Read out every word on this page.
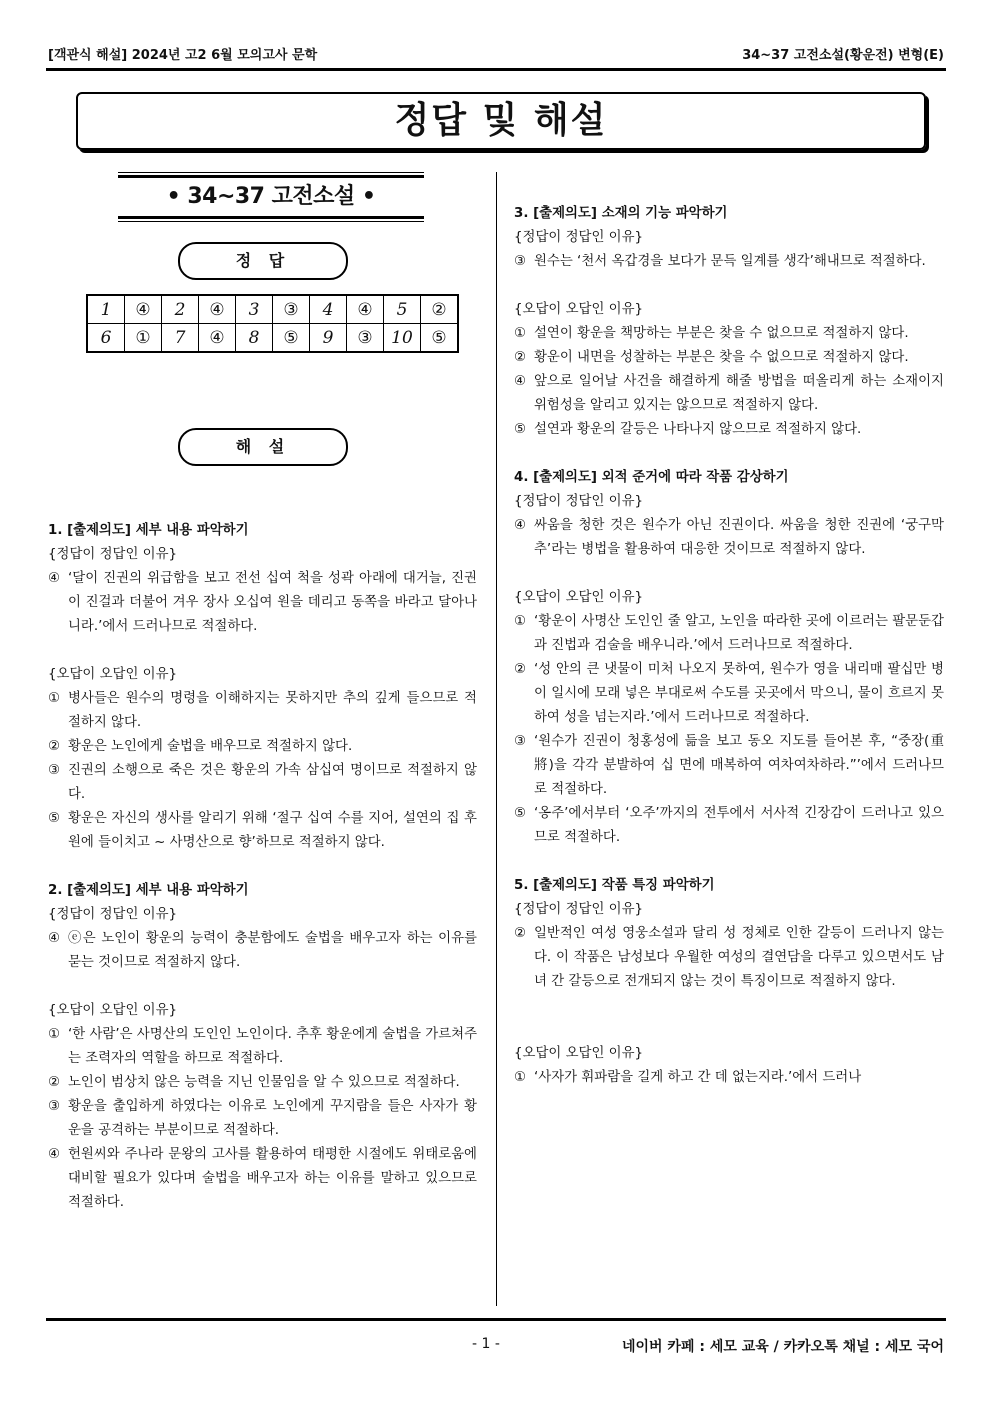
[객관식 해설] 2024년 고2 6월 모의고사 문학	34~37 고전소설(황운전) 변형(E)
정답 및 해설
• 34~37 고전소설 •
정 답
1	④	2	④	3	③	4	④	5	②
6	①	7	④	8	⑤	9	③	10	⑤
해 설

1. [출제의도] 세부 내용 파악하기

{정답이 정답인 이유}

④ ‘달이 진권의 위급함을 보고 전선 십여 척을 성곽 아래에 대거늘, 진권이 진걸과 더불어 겨우 장사 오십여 원을 데리고 동쪽을 바라고 달아나니라.’에서 드러나므로 적절하다.

{오답이 오답인 이유}

① 병사들은 원수의 명령을 이해하지는 못하지만 추의 깊게 들으므로 적절하지 않다.
② 황운은 노인에게 술법을 배우므로 적절하지 않다.
③ 진권의 소행으로 죽은 것은 황운의 가속 삼십여 명이므로 적절하지 않다.
⑤ 황운은 자신의 생사를 알리기 위해 ‘절구 십여 수를 지어, 설연의 집 후원에 들이치고 ~ 사명산으로 향’하므로 적절하지 않다.

2. [출제의도] 세부 내용 파악하기

{정답이 정답인 이유}

④ ⓔ은 노인이 황운의 능력이 충분함에도 술법을 배우고자 하는 이유를 묻는 것이므로 적절하지 않다.

{오답이 오답인 이유}

① ‘한 사람’은 사명산의 도인인 노인이다. 추후 황운에게 술법을 가르쳐주는 조력자의 역할을 하므로 적절하다.
② 노인이 범상치 않은 능력을 지닌 인물임을 알 수 있으므로 적절하다.
③ 황운을 출입하게 하였다는 이유로 노인에게 꾸지람을 들은 사자가 황운을 공격하는 부분이므로 적절하다.
④ 헌원씨와 주나라 문왕의 고사를 활용하여 태평한 시절에도 위태로움에 대비할 필요가 있다며 술법을 배우고자 하는 이유를 말하고 있으므로 적절하다.

3. [출제의도] 소재의 기능 파악하기

{정답이 정답인 이유}

③ 원수는 ‘천서 옥갑경을 보다가 문득 일계를 생각’해내므로 적절하다.

{오답이 오답인 이유}

① 설연이 황운을 책망하는 부분은 찾을 수 없으므로 적절하지 않다.
② 황운이 내면을 성찰하는 부분은 찾을 수 없으므로 적절하지 않다.
④ 앞으로 일어날 사건을 해결하게 해줄 방법을 떠올리게 하는 소재이지 위험성을 알리고 있지는 않으므로 적절하지 않다.
⑤ 설연과 황운의 갈등은 나타나지 않으므로 적절하지 않다.

4. [출제의도] 외적 준거에 따라 작품 감상하기

{정답이 정답인 이유}

④ 싸움을 청한 것은 원수가 아닌 진권이다. 싸움을 청한 진권에 ‘궁구막추’라는 병법을 활용하여 대응한 것이므로 적절하지 않다.

{오답이 오답인 이유}

① ‘황운이 사명산 도인인 줄 알고, 노인을 따라한 곳에 이르러는 팔문둔갑과 진법과 검술을 배우니라.’에서 드러나므로 적절하다.
② ‘성 안의 큰 냇물이 미처 나오지 못하여, 원수가 영을 내리매 팔십만 병이 일시에 모래 넣은 부대로써 수도를 곳곳에서 막으니, 물이 흐르지 못하여 성을 넘는지라.’에서 드러나므로 적절하다.
③ ‘원수가 진권이 청홍성에 듦을 보고 동오 지도를 들어본 후, “중장(重將)을 각각 분발하여 십 면에 매복하여 여차여차하라.”’에서 드러나므로 적절하다.
⑤ ‘옹주’에서부터 ‘오주’까지의 전투에서 서사적 긴장감이 드러나고 있으므로 적절하다.

5. [출제의도] 작품 특징 파악하기

{정답이 정답인 이유}

② 일반적인 여성 영웅소설과 달리 성 정체로 인한 갈등이 드러나지 않는다. 이 작품은 남성보다 우월한 여성의 결연담을 다루고 있으면서도 남녀 간 갈등으로 전개되지 않는 것이 특징이므로 적절하지 않다.

{오답이 오답인 이유}

① ‘사자가 휘파람을 길게 하고 간 데 없는지라.’에서 드러나
- 1 -	네이버 카페 : 세모 교육 / 카카오톡 채널 : 세모 국어
